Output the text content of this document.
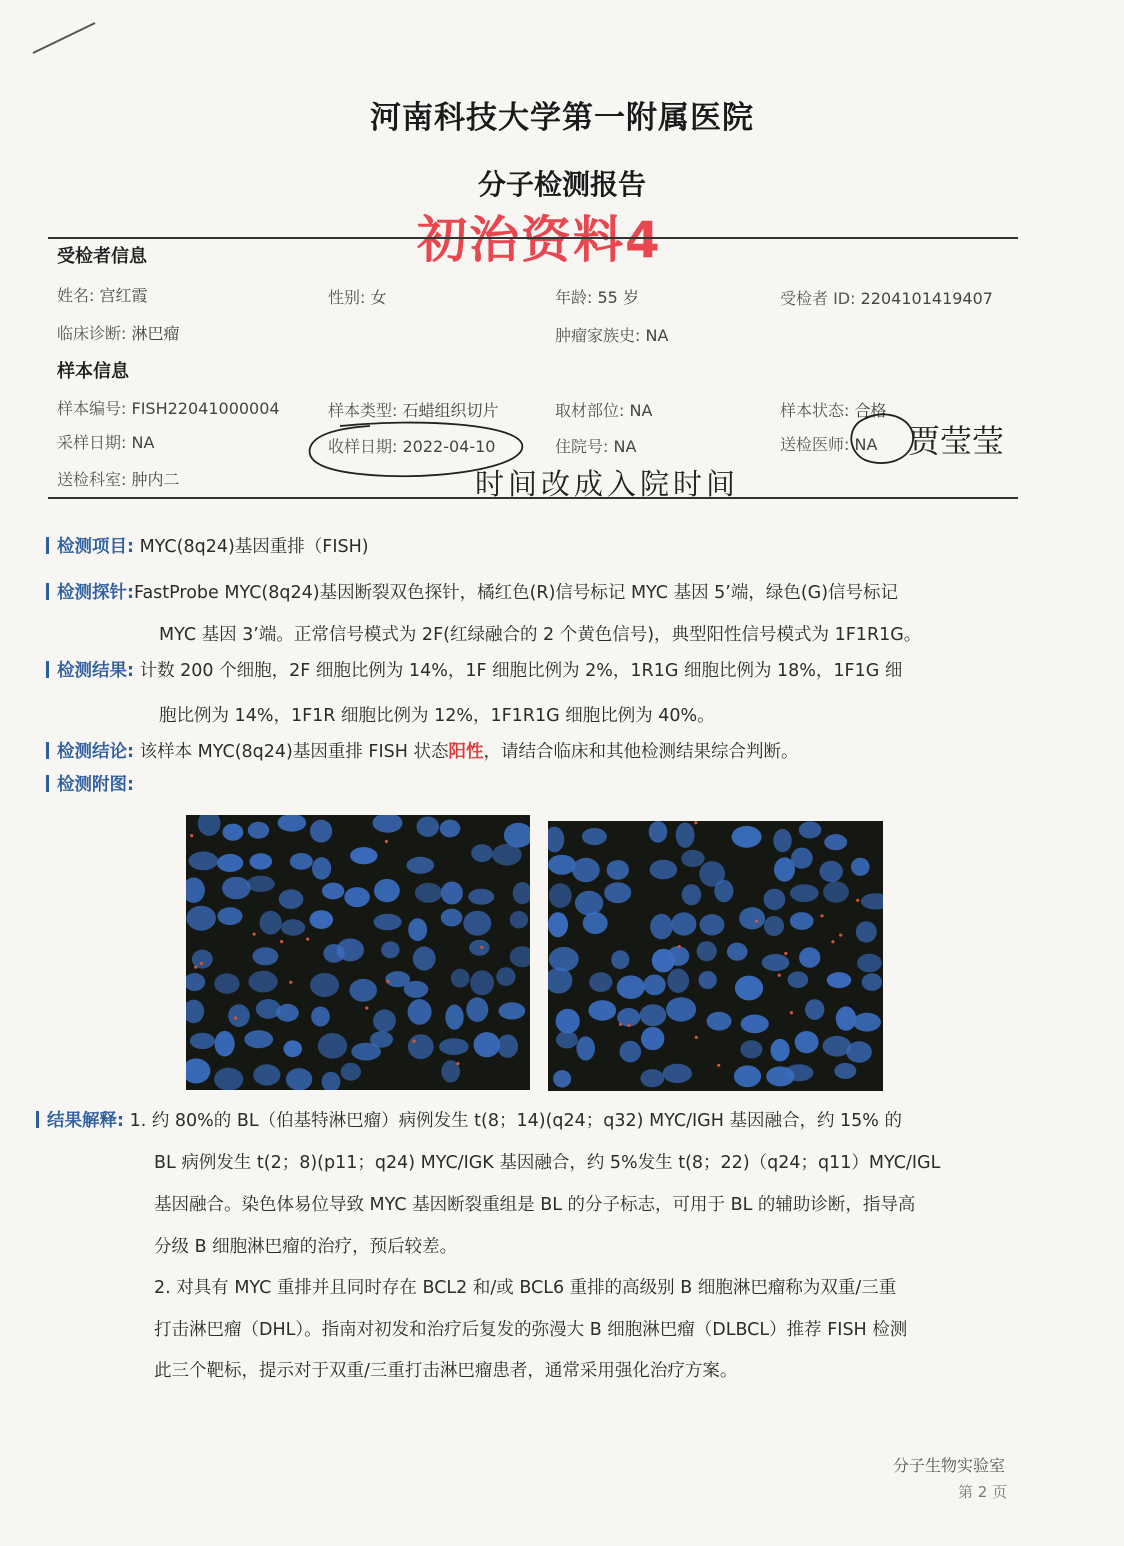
河南科技大学第一附属医院
分子检测报告
初治资料4
受检者信息
姓名: 宫红霞	性别: 女	年龄: 55 岁	受检者 ID: 2204101419407
临床诊断: 淋巴瘤	肿瘤家族史: NA
样本信息
样本编号: FISH22041000004	样本类型: 石蜡组织切片	取材部位: NA	样本状态: 合格
采样日期: NA	收样日期: 2022-04-10	住院号: NA	送检医师: NA
送检科室: 肿内二
贾莹莹
时间改成入院时间
检测项目: MYC(8q24)基因重排（FISH)
检测探针:FastProbe MYC(8q24)基因断裂双色探针，橘红色(R)信号标记 MYC 基因 5’端，绿色(G)信号标记
MYC 基因 3’端。正常信号模式为 2F(红绿融合的 2 个黄色信号)，典型阳性信号模式为 1F1R1G。
检测结果: 计数 200 个细胞，2F 细胞比例为 14%，1F 细胞比例为 2%，1R1G 细胞比例为 18%，1F1G 细
胞比例为 14%，1F1R 细胞比例为 12%，1F1R1G 细胞比例为 40%。
检测结论: 该样本 MYC(8q24)基因重排 FISH 状态阳性，请结合临床和其他检测结果综合判断。
检测附图:
结果解释: 1. 约 80%的 BL（伯基特淋巴瘤）病例发生 t(8；14)(q24；q32) MYC/IGH 基因融合，约 15% 的
BL 病例发生 t(2；8)(p11；q24) MYC/IGK 基因融合，约 5%发生 t(8；22)（q24；q11）MYC/IGL
基因融合。染色体易位导致 MYC 基因断裂重组是 BL 的分子标志，可用于 BL 的辅助诊断，指导高
分级 B 细胞淋巴瘤的治疗，预后较差。
2. 对具有 MYC 重排并且同时存在 BCL2 和/或 BCL6 重排的高级别 B 细胞淋巴瘤称为双重/三重
打击淋巴瘤（DHL）。指南对初发和治疗后复发的弥漫大 B 细胞淋巴瘤（DLBCL）推荐 FISH 检测
此三个靶标，提示对于双重/三重打击淋巴瘤患者，通常采用强化治疗方案。
分子生物实验室
第 2 页
